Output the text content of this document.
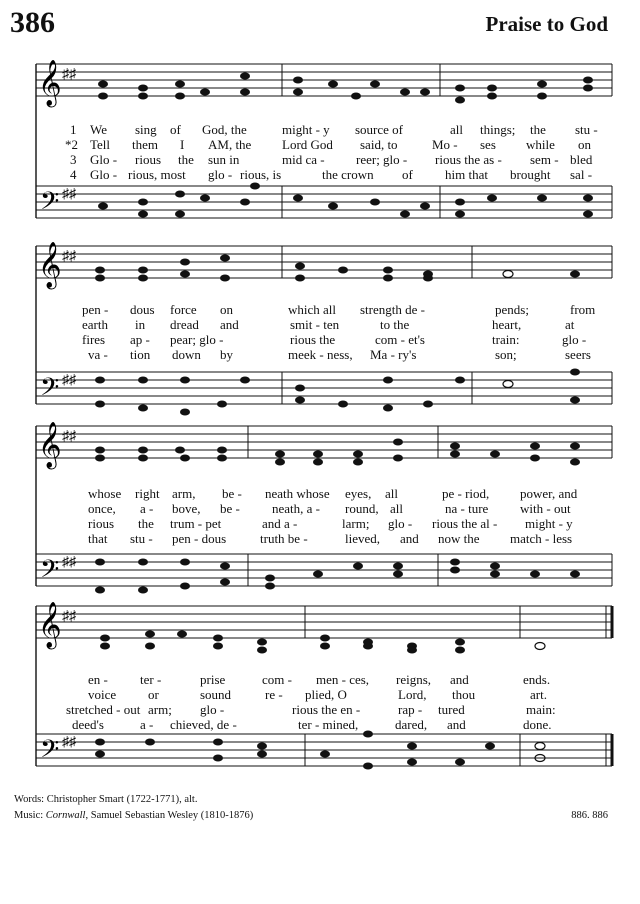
386	Praise to God
𝄞
𝄢
♯♯
♯♯
1 We sing of God, the	might - y source of	all things; the stu -
*2 Tell them I AM, the Lord God said, to	Mo - ses while on
3 Glo - rious the sun in	mid ca - reer; glo - rious the as - sem - bled
4 Glo - rious, most glo - rious, is	the crown of him that brought sal -
𝄞
𝄢
♯♯
♯♯
pen - dous force on	which all strength de -	pends;	from
earth in dread and	smit - ten	to the	heart,	at
fires ap - pear; glo -	rious the	com - et's	train:	glo -
va - tion down by	meek - ness, Ma - ry's	son;	seers
𝄞
𝄢
♯♯
♯♯
whose right arm, be - neath whose eyes, all	pe - riod, power, and
once, a - bove, be - neath, a - round, all	na - ture with - out
rious the trum - pet	and a -	larm; glo - rious the al - might - y
that stu - pen - dous	truth be -	lieved, and now the match - less
𝄞
𝄢
♯♯
♯♯
en - ter -	prise	com - men - ces, reigns, and	ends.
voice or	sound	re - plied, O	Lord, thou	art.
stretched - out arm; glo -	rious the en -	rap - tured	main:
deed's	a - chieved, de -	ter - mined,	dared, and	done.
Words: Christopher Smart (1722-1771), alt.
Music: Cornwall, Samuel Sebastian Wesley (1810-1876)	886. 886
